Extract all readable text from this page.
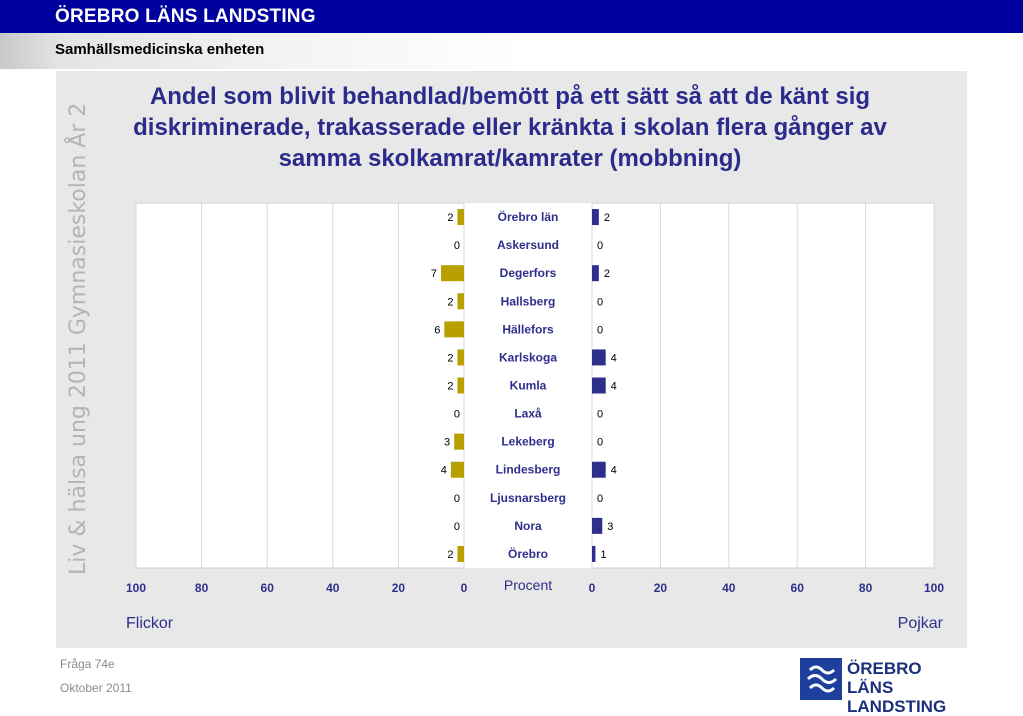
ÖREBRO LÄNS LANDSTING
Samhällsmedicinska enheten
Liv & hälsa ung 2011 Gymnasieskolan År 2
Andel som blivit behandlad/bemött på ett sätt så att de känt sig diskriminerade, trakasserade eller kränkta i skolan flera gånger av samma skolkamrat/kamrater (mobbning)
0	0
20	20
40	40
60	60
80	80
100	100
Procent
Flickor	Pojkar
Örebro län
2	2
Askersund
0	0
Degerfors
7	2
Hallsberg
2	0
Hällefors
6	0
Karlskoga
2	4
Kumla
2	4
Laxå
0	0
Lekeberg
3	0
Lindesberg
4	4
Ljusnarsberg
0	0
Nora
0	3
Örebro
2	1
Fråga 74e
Oktober 2011
ÖREBRO LÄNS
LANDSTING
